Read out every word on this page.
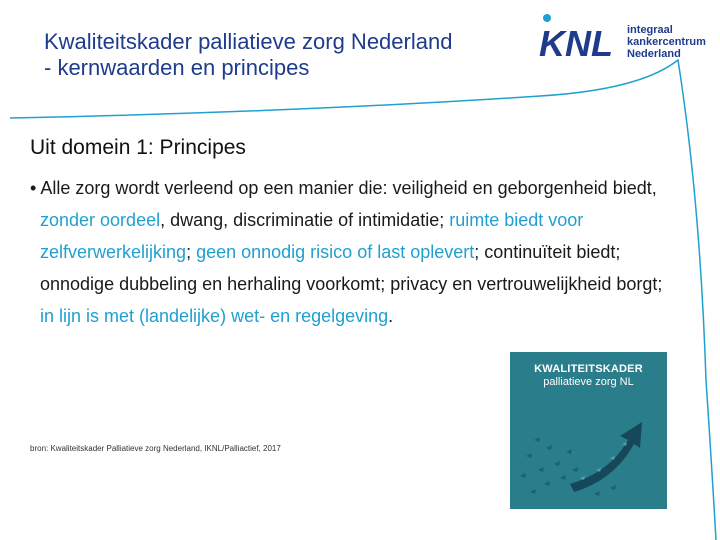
Kwaliteitskader palliatieve zorg Nederland
- kernwaarden en principes
KNL integraal
kankercentrum
Nederland
Uit domein 1: Principes
• Alle zorg wordt verleend op een manier die: veiligheid en geborgenheid biedt, zonder oordeel, dwang, discriminatie of intimidatie; ruimte biedt voor zelfverwerkelijking; geen onnodig risico of last oplevert; continuïteit biedt; onnodige dubbeling en herhaling voorkomt; privacy en vertrouwelijkheid borgt; in lijn is met (landelijke) wet- en regelgeving.
bron: Kwaliteitskader Palliatieve zorg Nederland, IKNL/Palliactief, 2017
KWALITEITSKADER
palliatieve zorg NL
